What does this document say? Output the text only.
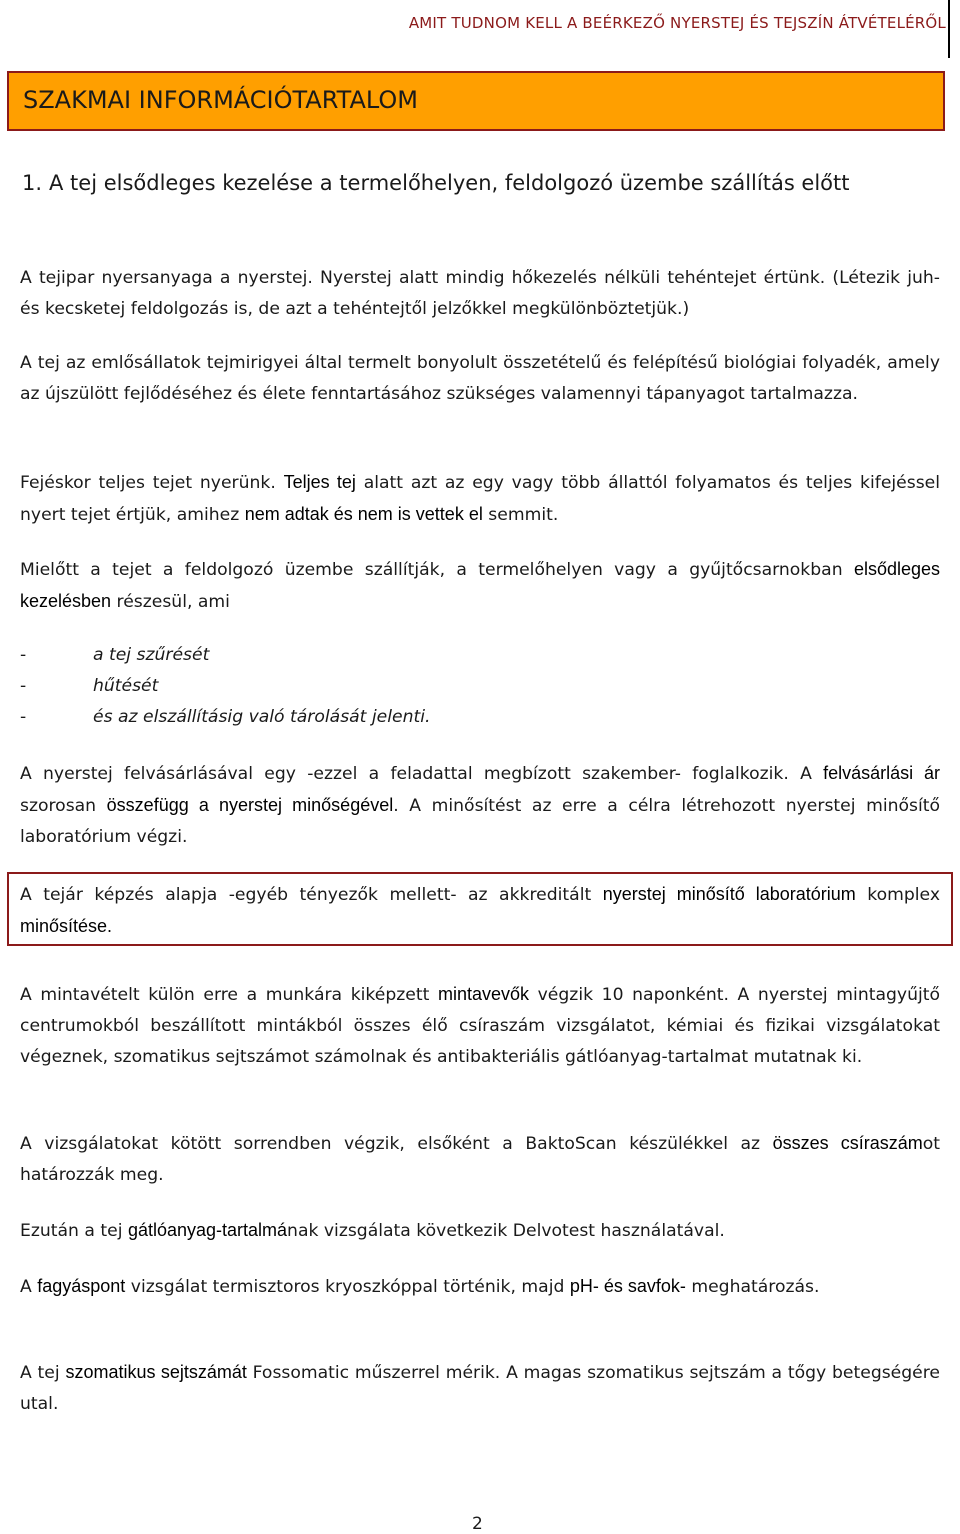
AMIT TUDNOM KELL A BEÉRKEZŐ NYERSTEJ ÉS TEJSZÍN ÁTVÉTELÉRŐL
SZAKMAI INFORMÁCIÓTARTALOM
1. A tej elsődleges kezelése a termelőhelyen, feldolgozó üzembe szállítás előtt

A tejipar nyersanyaga a nyerstej. Nyerstej alatt mindig hőkezelés nélküli tehéntejet értünk. (Létezik juh- és kecsketej feldolgozás is, de azt a tehéntejtől jelzőkkel megkülönböztetjük.)

A tej az emlősállatok tejmirigyei által termelt bonyolult összetételű és felépítésű biológiai folyadék, amely az újszülött fejlődéséhez és élete fenntartásához szükséges valamennyi tápanyagot tartalmazza.

Fejéskor teljes tejet nyerünk. Teljes tej alatt azt az egy vagy több állattól folyamatos és teljes kifejéssel nyert tejet értjük, amihez nem adtak és nem is vettek el semmit.

Mielőtt a tejet a feldolgozó üzembe szállítják, a termelőhelyen vagy a gyűjtőcsarnokban elsődleges kezelésben részesül, ami

-	a tej szűrését
-	hűtését
-	és az elszállításig való tárolását jelenti.

A nyerstej felvásárlásával egy -ezzel a feladattal megbízott szakember- foglalkozik. A felvásárlási ár szorosan összefügg a nyerstej minőségével. A minősítést az erre a célra létrehozott nyerstej minősítő laboratórium végzi.

A tejár képzés alapja -egyéb tényezők mellett- az akkreditált nyerstej minősítő laboratórium komplex minősítése.

A mintavételt külön erre a munkára kiképzett mintavevők végzik 10 naponként. A nyerstej mintagyűjtő centrumokból beszállított mintákból összes élő csíraszám vizsgálatot, kémiai és fizikai vizsgálatokat végeznek, szomatikus sejtszámot számolnak és antibakteriális gátlóanyag-tartalmat mutatnak ki.

A vizsgálatokat kötött sorrendben végzik, elsőként a BaktoScan készülékkel az összes csíraszámot határozzák meg.

Ezután a tej gátlóanyag-tartalmának vizsgálata következik Delvotest használatával.

A fagyáspont vizsgálat termisztoros kryoszkóppal történik, majd pH- és savfok- meghatározás.

A tej szomatikus sejtszámát Fossomatic műszerrel mérik. A magas szomatikus sejtszám a tőgy betegségére utal.

2
